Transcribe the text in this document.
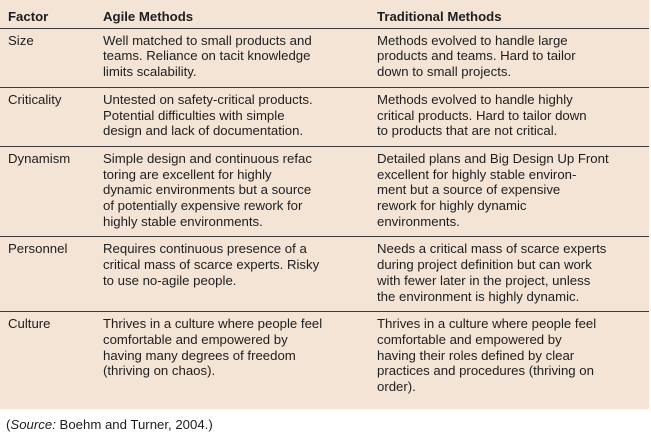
Factor	Agile Methods	Traditional Methods

Size	Well matched to small products and
teams. Reliance on tacit knowledge
limits scalability.	Methods evolved to handle large
products and teams. Hard to tailor
down to small projects.

Criticality	Untested on safety-critical products.
Potential difficulties with simple
design and lack of documentation.	Methods evolved to handle highly
critical products. Hard to tailor down
to products that are not critical.

Dynamism	Simple design and continuous refac
toring are excellent for highly
dynamic environments but a source
of potentially expensive rework for
highly stable environments.	Detailed plans and Big Design Up Front
excellent for highly stable environ-
ment but a source of expensive
rework for highly dynamic
environments.

Personnel	Requires continuous presence of a
critical mass of scarce experts. Risky
to use no-agile people.	Needs a critical mass of scarce experts
during project definition but can work
with fewer later in the project, unless
the environment is highly dynamic.

Culture	Thrives in a culture where people feel
comfortable and empowered by
having many degrees of freedom
(thriving on chaos).	Thrives in a culture where people feel
comfortable and empowered by
having their roles defined by clear
practices and procedures (thriving on
order).
(Source: Boehm and Turner, 2004.)
